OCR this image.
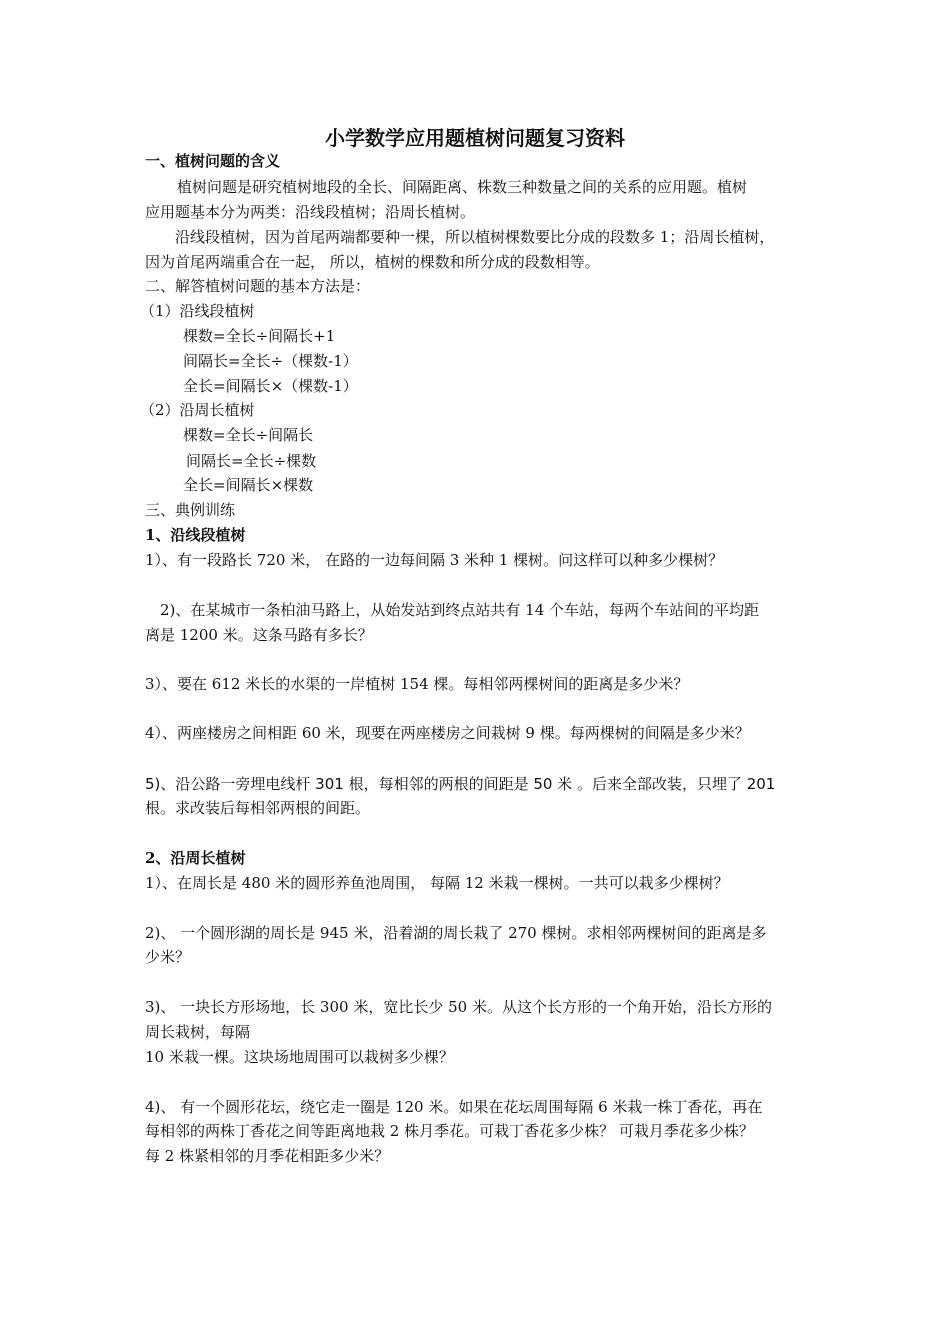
小学数学应用题植树问题复习资料
一、植树问题的含义
植树问题是研究植树地段的全长、间隔距离、株数三种数量之间的关系的应用题。植树
应用题基本分为两类：沿线段植树；沿周长植树。
沿线段植树，因为首尾两端都要种一棵，所以植树棵数要比分成的段数多 1；沿周长植树，
因为首尾两端重合在一起， 所以，植树的棵数和所分成的段数相等。
二、解答植树问题的基本方法是：
（1）沿线段植树
棵数=全长÷间隔长+1
间隔长=全长÷（棵数-1）
全长=间隔长×（棵数-1）
（2）沿周长植树
棵数=全长÷间隔长
间隔长=全长÷棵数
全长=间隔长×棵数
三、典例训练
1、沿线段植树
1）、有一段路长 720 米， 在路的一边每间隔 3 米种 1 棵树。问这样可以种多少棵树？
2)、在某城市一条柏油马路上，从始发站到终点站共有 14 个车站，每两个车站间的平均距
离是 1200 米。这条马路有多长？
3）、要在 612 米长的水渠的一岸植树 154 棵。每相邻两棵树间的距离是多少米？
4）、两座楼房之间相距 60 米，现要在两座楼房之间栽树 9 棵。每两棵树的间隔是多少米？
5)、沿公路一旁埋电线杆 301 根，每相邻的两根的间距是 50 米 。后来全部改装，只埋了 201
根。求改装后每相邻两根的间距。
2、沿周长植树
1）、在周长是 480 米的圆形养鱼池周围， 每隔 12 米栽一棵树。一共可以栽多少棵树？
2)、 一个圆形湖的周长是 945 米，沿着湖的周长栽了 270 棵树。求相邻两棵树间的距离是多
少米？
3)、 一块长方形场地，长 300 米，宽比长少 50 米。从这个长方形的一个角开始，沿长方形的
周长栽树，每隔
10 米栽一棵。这块场地周围可以栽树多少棵？
4)、 有一个圆形花坛，绕它走一圈是 120 米。如果在花坛周围每隔 6 米栽一株丁香花，再在
每相邻的两株丁香花之间等距离地栽 2 株月季花。可栽丁香花多少株？ 可栽月季花多少株？
每 2 株紧相邻的月季花相距多少米？
